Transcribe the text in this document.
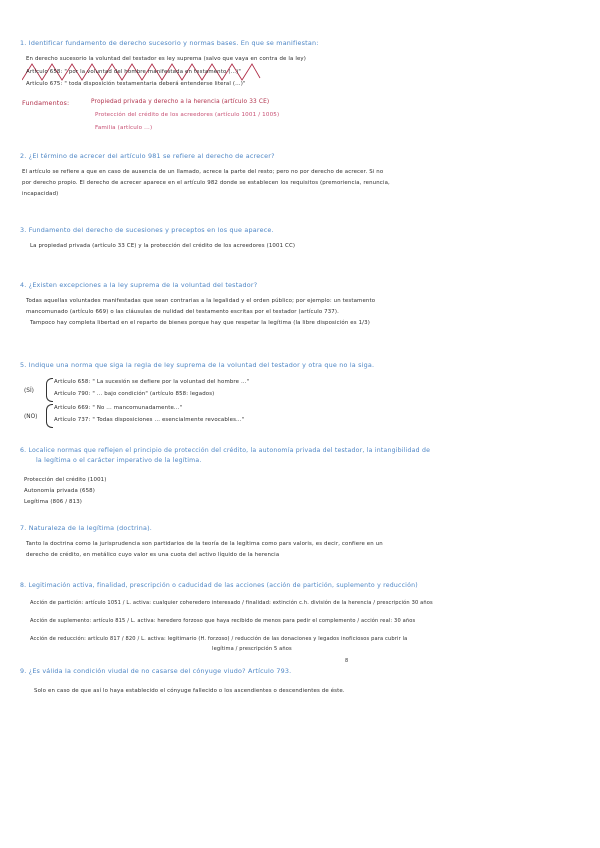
1. Identificar fundamento de derecho sucesorio y normas bases. En que se manifiestan:
En derecho sucesorio la voluntad del testador es ley suprema (salvo que vaya en contra de la ley)
Artículo 658: " por la voluntad del hombre manifestada en testamento (...)"
Artículo 675: " toda disposición testamentaria deberá entenderse literal (...)"
Fundamentos:	Propiedad privada y derecho a la herencia (artículo 33 CE)
Protección del crédito de los acreedores (artículo 1001 / 1005)
Familia (artículo ...)
2. ¿El término de acrecer del artículo 981 se refiere al derecho de acrecer?
El artículo se refiere a que en caso de ausencia de un llamado, acrece la parte del resto; pero no por derecho de acrecer. Si no
por derecho propio. El derecho de acrecer aparece en el artículo 982 donde se establecen los requisitos (premoriencia, renuncia,
incapacidad)
3. Fundamento del derecho de sucesiones y preceptos en los que aparece.
La propiedad privada (artículo 33 CE) y la protección del crédito de los acreedores (1001 CC)
4. ¿Existen excepciones a la ley suprema de la voluntad del testador?
Todas aquellas voluntades manifestadas que sean contrarias a la legalidad y el orden público; por ejemplo: un testamento
mancomunado (artículo 669) o las cláusulas de nulidad del testamento escritas por el testador (artículo 737).
Tampoco hay completa libertad en el reparto de bienes porque hay que respetar la legítima (la libre disposición es 1/3)
5. Indique una norma que siga la regla de ley suprema de la voluntad del testador y otra que no la siga.
(SÍ)
Artículo 658: " La sucesión se defiere por la voluntad del hombre ..."
Artículo 790: " ... bajo condición" (artículo 858: legados)
(NO)
Artículo 669: " No ... mancomunadamente..."
Artículo 737: " Todas disposiciones ... esencialmente revocables..."
6. Localice normas que reflejen el principio de protección del crédito, la autonomía privada del testador, la intangibilidad de
la legítima o el carácter imperativo de la legítima.
Protección del crédito (1001)
Autonomía privada (658)
Legítima (806 / 813)
7. Naturaleza de la legítima (doctrina).
Tanto la doctrina como la jurisprudencia son partidarios de la teoría de la legítima como pars valoris, es decir, confiere en un
derecho de crédito, en metálico cuyo valor es una cuota del activo líquido de la herencia
8. Legitimación activa, finalidad, prescripción o caducidad de las acciones (acción de partición, suplemento y reducción)
Acción de partición: artículo 1051 / L. activa: cualquier coheredero interesado / finalidad: extinción c.h. división de la herencia / prescripción 30 años
Acción de suplemento: artículo 815 / L. activa: heredero forzoso que haya recibido de menos para pedir el complemento / acción real: 30 años
Acción de reducción: artículo 817 / 820 / L. activa: legitimario (H. forzoso) / reducción de las donaciones y legados inoficiosos para cubrir la
legítima / prescripción 5 años
8
9. ¿Es válida la condición viudal de no casarse del cónyuge viudo? Artículo 793.
Solo en caso de que así lo haya establecido el cónyuge fallecido o los ascendientes o descendientes de éste.
